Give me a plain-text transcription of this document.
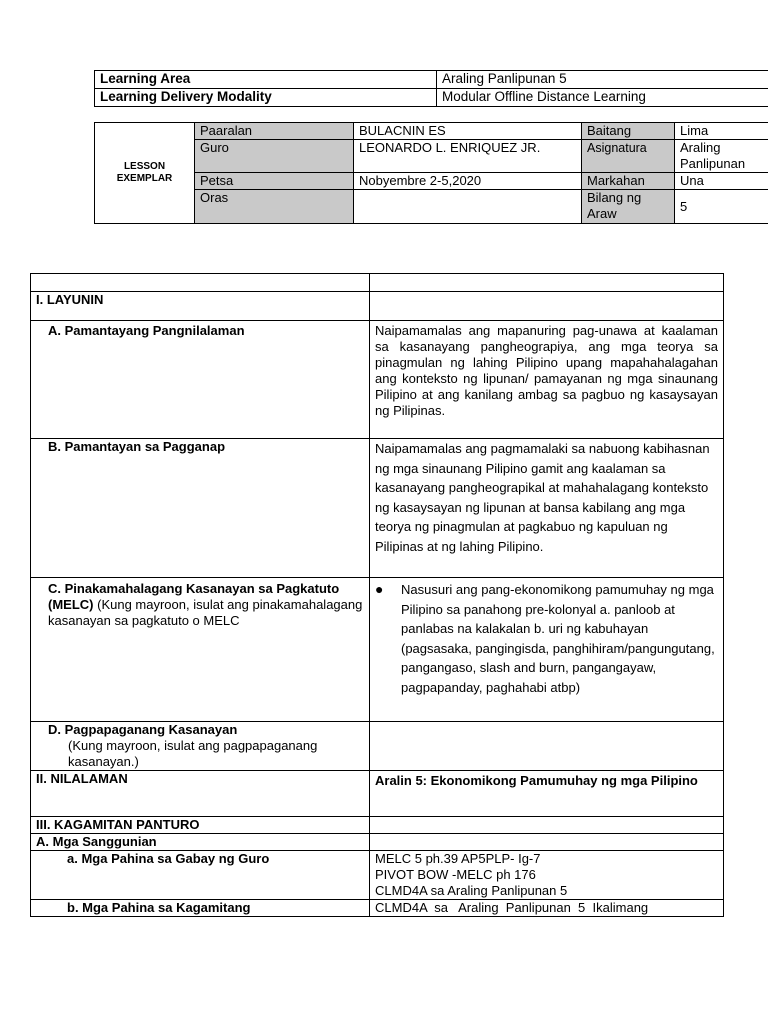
Learning Area	Araling Panlipunan 5
Learning Delivery Modality	Modular Offline Distance Learning
LESSON
EXEMPLAR	Paaralan	BULACNIN ES	Baitang	Lima
	Guro	LEONARDO L. ENRIQUEZ JR.	Asignatura	Araling Panlipunan
	Petsa	Nobyembre 2-5,2020	Markahan	Una
	Oras		Bilang ng Araw	5

I. LAYUNIN	
A. Pamantayang Pangnilalaman	Naipamamalas ang mapanuring pag-unawa at kaalaman sa kasanayang pangheograpiya, ang mga teorya sa pinagmulan ng lahing Pilipino upang mapahahalagahan ang konteksto ng lipunan/ pamayanan ng mga sinaunang Pilipino at ang kanilang ambag sa pagbuo ng kasaysayan ng Pilipinas.
B. Pamantayan sa Pagganap	Naipamamalas ang pagmamalaki sa nabuong kabihasnan ng mga sinaunang Pilipino gamit ang kaalaman sa kasanayang pangheograpikal at mahahalagang konteksto ng kasaysayan ng lipunan at bansa kabilang ang mga teorya ng pinagmulan at pagkabuo ng kapuluan ng Pilipinas at ng lahing Pilipino.
C. Pinakamahalagang Kasanayan sa Pagkatuto (MELC) (Kung mayroon, isulat ang pinakamahalagang kasanayan sa pagkatuto o MELC	● Nasusuri ang pang-ekonomikong pamumuhay ng mga Pilipino sa panahong pre-kolonyal a. panloob at panlabas na kalakalan b. uri ng kabuhayan (pagsasaka, pangingisda, panghihiram/pangungutang, pangangaso, slash and burn, pangangayaw, pagpapanday, paghahabi atbp)

D. Pagpapaganang Kasanayan
(Kung mayroon, isulat ang pagpapaganang kasanayan.)	

II. NILALAMAN	Aralin 5: Ekonomikong Pamumuhay ng mga Pilipino
III. KAGAMITAN PANTURO	
A. Mga Sanggunian	
a. Mga Pahina sa Gabay ng Guro	MELC 5 ph.39 AP5PLP- Ig-7
PIVOT BOW -MELC ph 176
CLMD4A sa Araling Panlipunan 5

b. Mga Pahina sa Kagamitang	CLMD4A  sa   Araling  Panlipunan  5  Ikalimang
